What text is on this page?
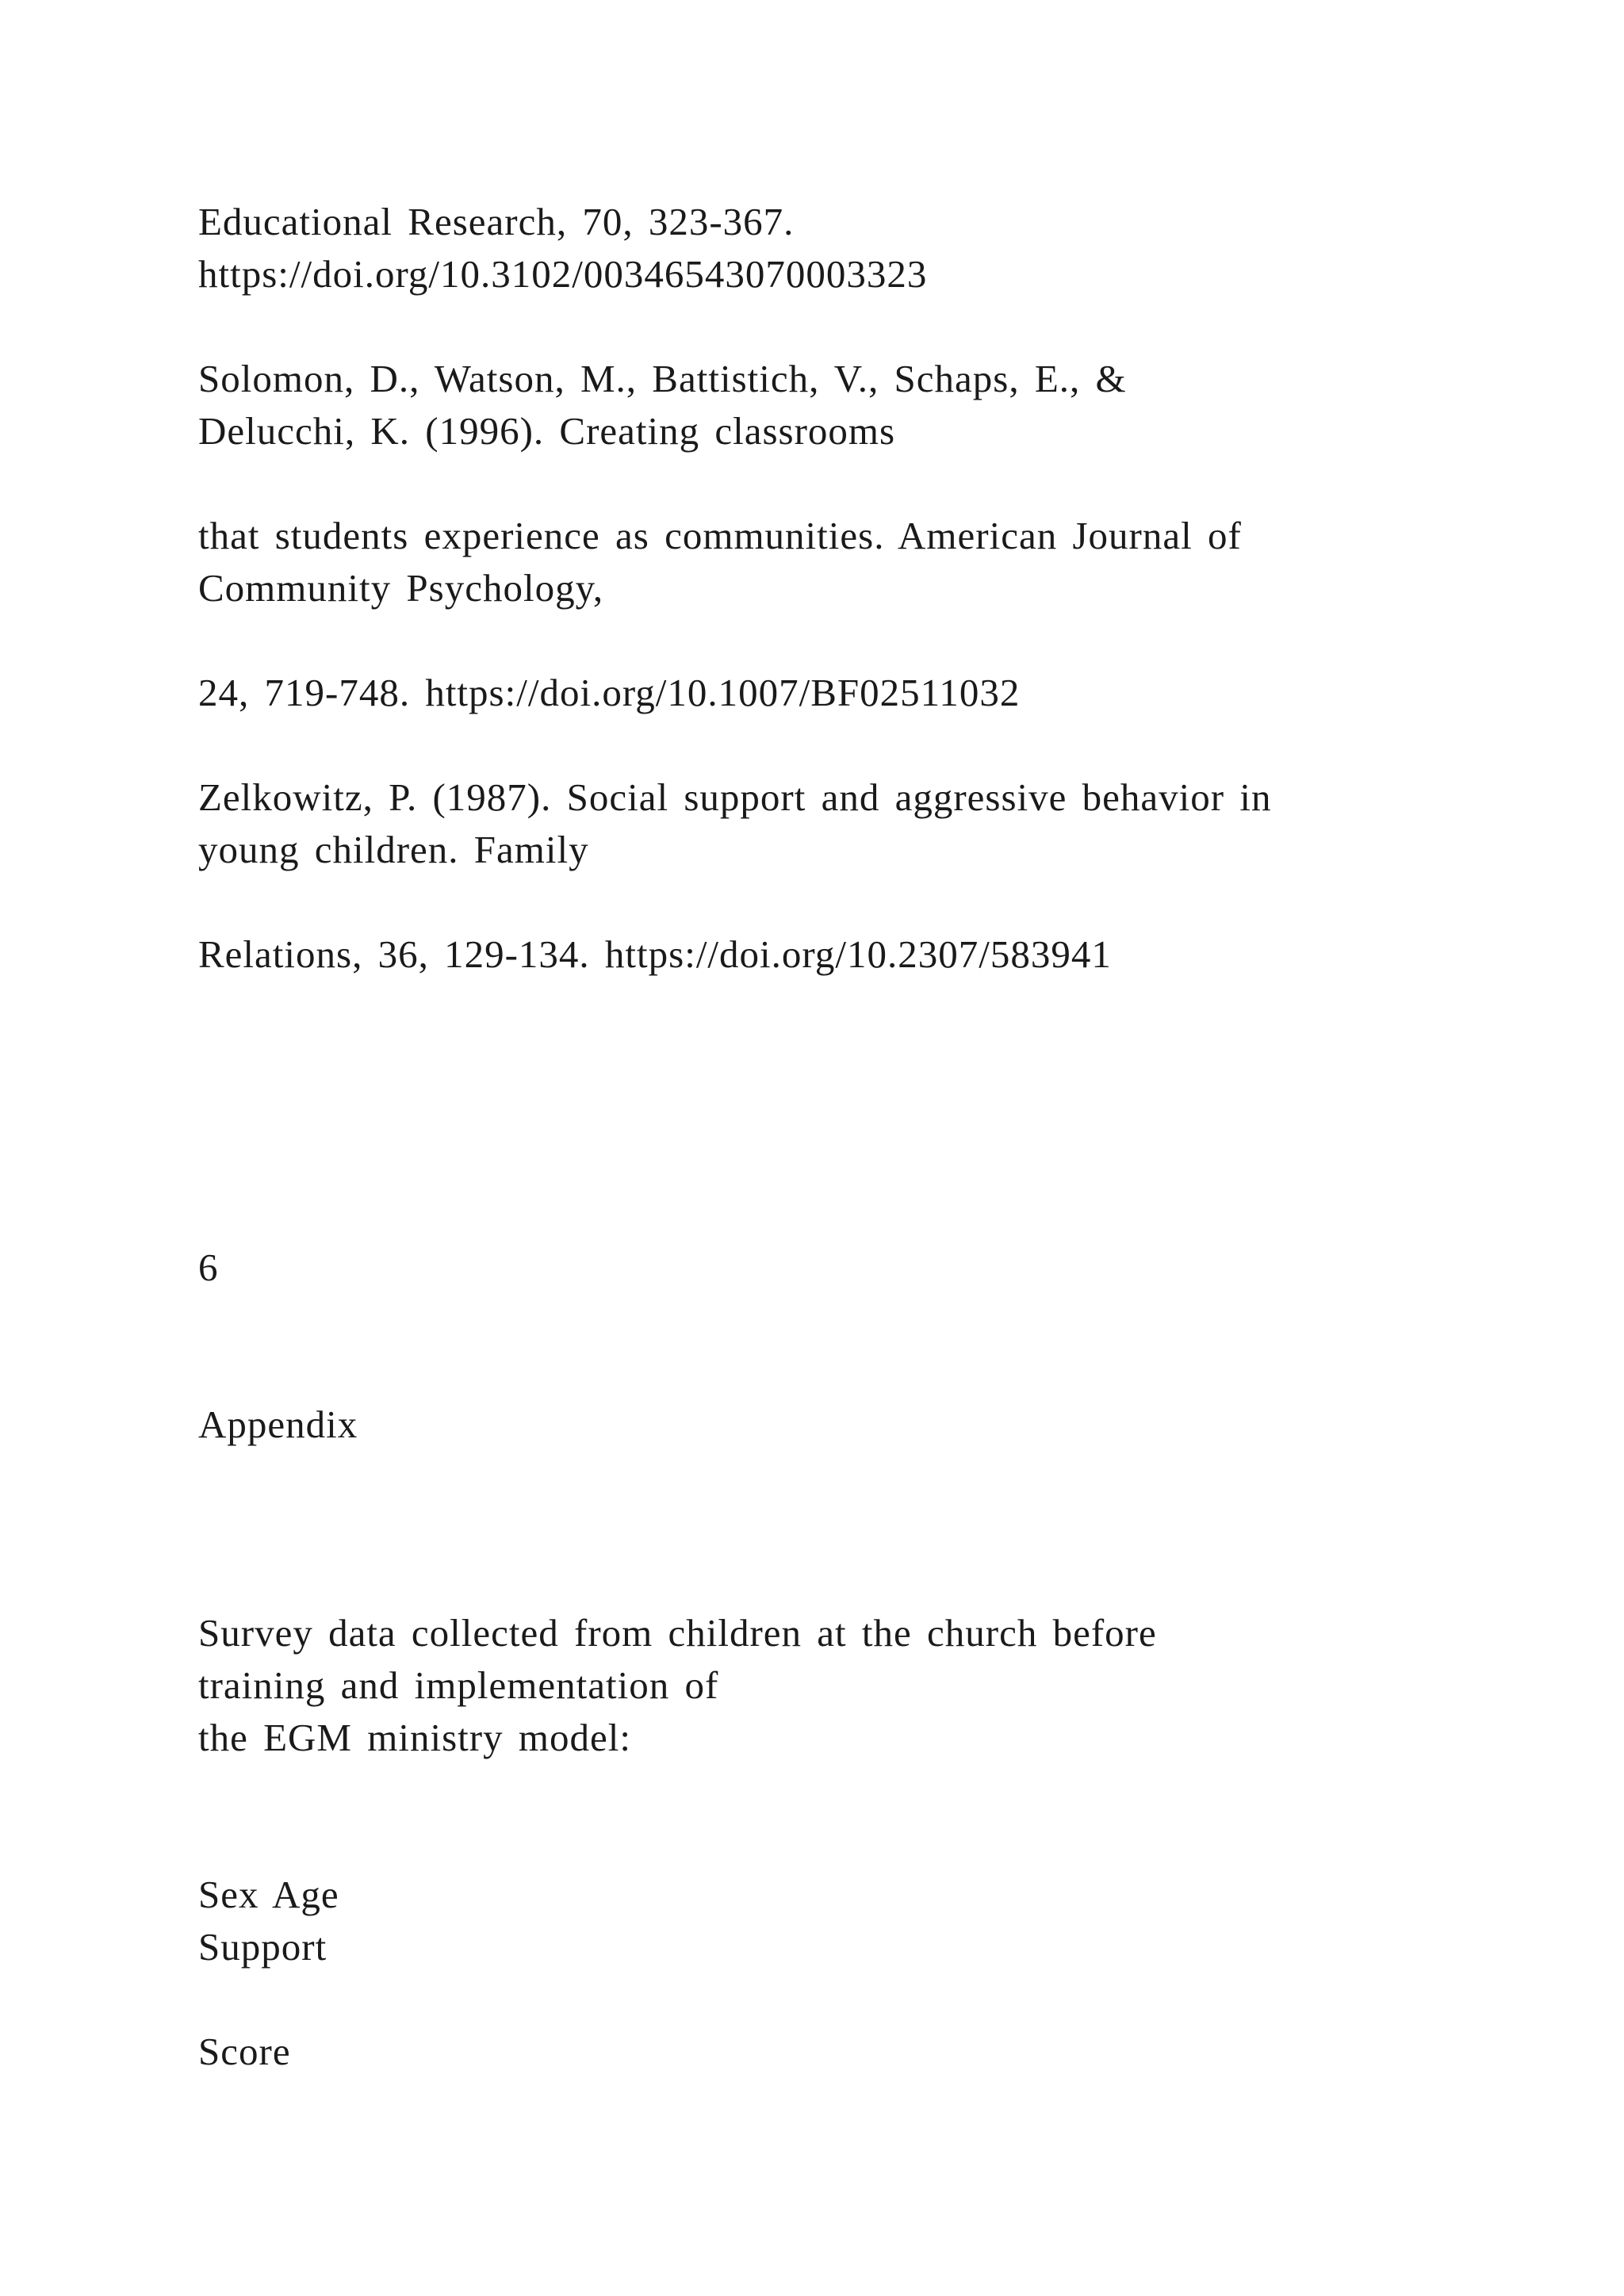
Educational Research, 70, 323-367.
https://doi.org/10.3102/00346543070003323
Solomon, D., Watson, M., Battistich, V., Schaps, E., &
Delucchi, K. (1996). Creating classrooms
that students experience as communities. American Journal of
Community Psychology,
24, 719-748. https://doi.org/10.1007/BF02511032
Zelkowitz, P. (1987). Social support and aggressive behavior in
young children. Family
Relations, 36, 129-134. https://doi.org/10.2307/583941
6
Appendix
Survey data collected from children at the church before
training and implementation of
the EGM ministry model:
Sex Age
Support
Score
